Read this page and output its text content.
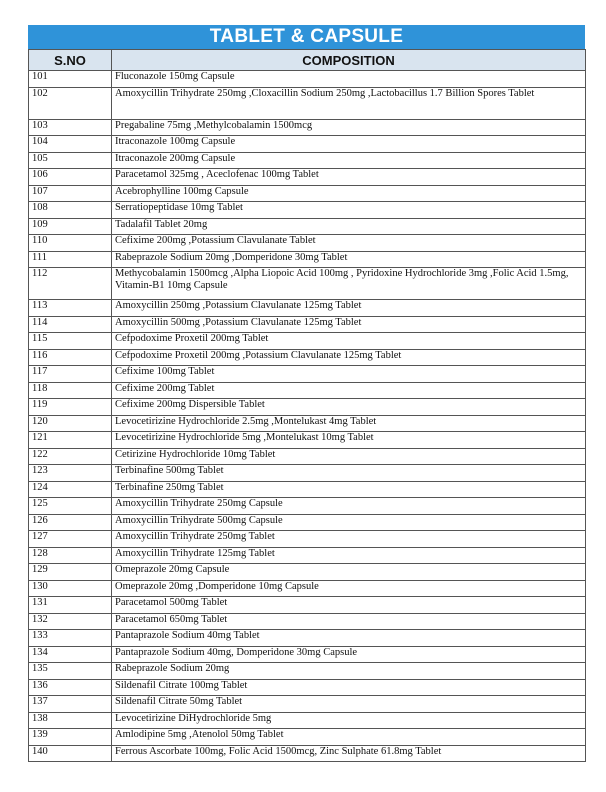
TABLET & CAPSULE
S.NO	COMPOSITION
101	Fluconazole 150mg Capsule
102	Amoxycillin Trihydrate 250mg ,Cloxacillin Sodium 250mg ,Lactobacillus 1.7 Billion Spores Tablet
103	Pregabaline 75mg ,Methylcobalamin 1500mcg
104	Itraconazole 100mg Capsule
105	Itraconazole 200mg Capsule
106	Paracetamol 325mg , Aceclofenac 100mg Tablet
107	Acebrophylline 100mg Capsule
108	Serratiopeptidase 10mg Tablet
109	Tadalafil Tablet 20mg
110	Cefixime 200mg ,Potassium Clavulanate Tablet
111	Rabeprazole Sodium 20mg ,Domperidone 30mg Tablet
112	Methycobalamin 1500mcg ,Alpha Liopoic Acid 100mg , Pyridoxine Hydrochloride 3mg ,Folic Acid 1.5mg, Vitamin-B1 10mg Capsule
113	Amoxycillin 250mg ,Potassium Clavulanate 125mg Tablet
114	Amoxycillin 500mg ,Potassium Clavulanate 125mg Tablet
115	Cefpodoxime Proxetil 200mg Tablet
116	Cefpodoxime Proxetil 200mg ,Potassium Clavulanate 125mg Tablet
117	Cefixime 100mg Tablet
118	Cefixime 200mg Tablet
119	Cefixime 200mg Dispersible Tablet
120	Levocetirizine Hydrochloride 2.5mg ,Montelukast 4mg Tablet
121	Levocetirizine Hydrochloride 5mg ,Montelukast 10mg Tablet
122	Cetirizine Hydrochloride 10mg Tablet
123	Terbinafine 500mg Tablet
124	Terbinafine 250mg Tablet
125	Amoxycillin Trihydrate 250mg Capsule
126	Amoxycillin Trihydrate 500mg Capsule
127	Amoxycillin Trihydrate 250mg Tablet
128	Amoxycillin Trihydrate 125mg Tablet
129	Omeprazole 20mg Capsule
130	Omeprazole 20mg ,Domperidone 10mg Capsule
131	Paracetamol 500mg Tablet
132	Paracetamol 650mg Tablet
133	Pantaprazole Sodium 40mg Tablet
134	Pantaprazole Sodium 40mg, Domperidone 30mg Capsule
135	Rabeprazole Sodium 20mg
136	Sildenafil Citrate 100mg Tablet
137	Sildenafil Citrate 50mg Tablet
138	Levocetirizine DiHydrochloride 5mg
139	Amlodipine 5mg ,Atenolol 50mg Tablet
140	Ferrous Ascorbate 100mg, Folic Acid 1500mcg, Zinc Sulphate 61.8mg Tablet
